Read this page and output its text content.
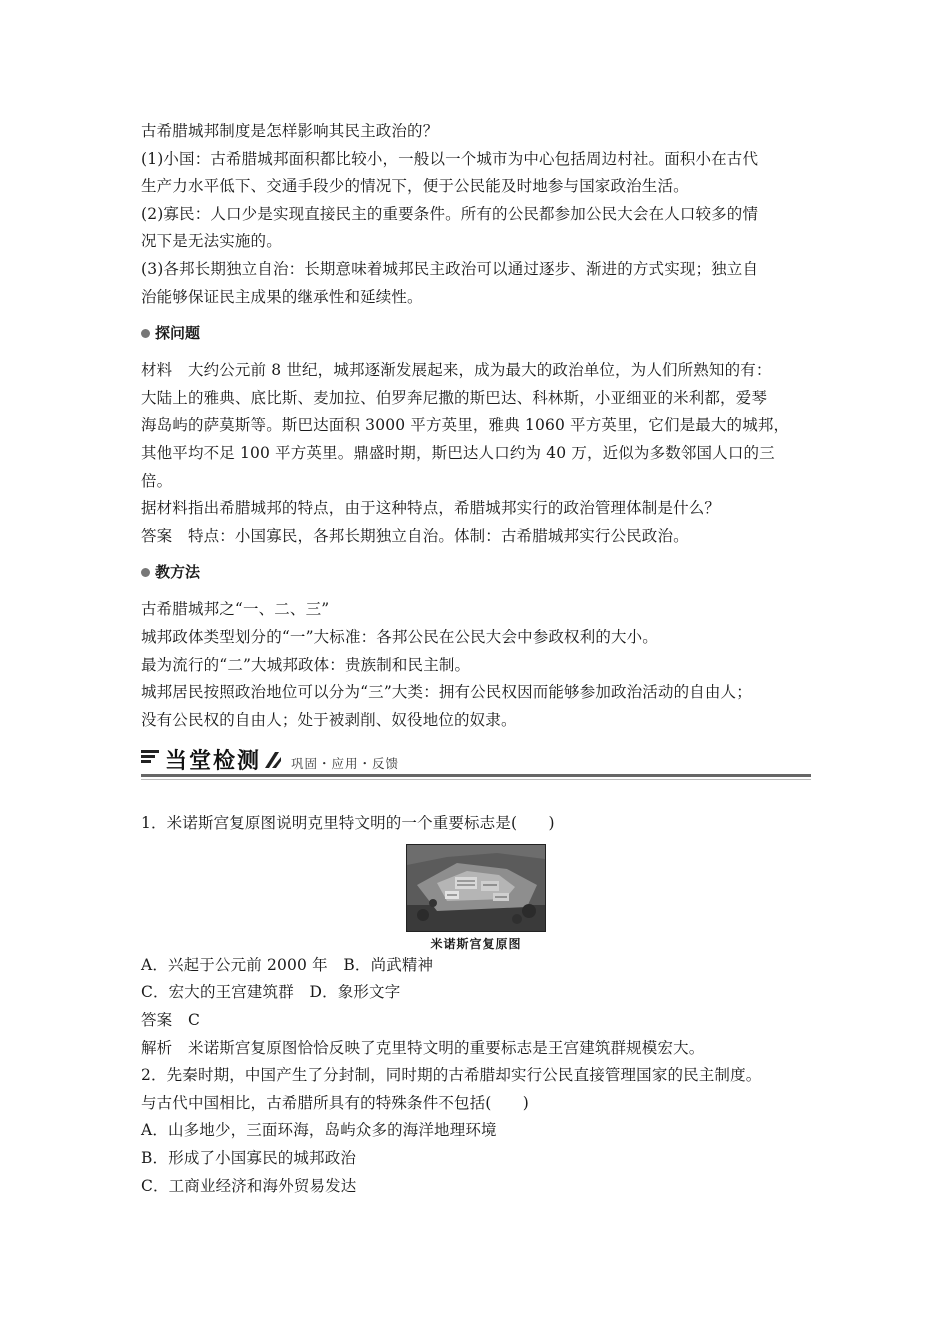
古希腊城邦制度是怎样影响其民主政治的？
(1)小国：古希腊城邦面积都比较小，一般以一个城市为中心包括周边村社。面积小在古代
生产力水平低下、交通手段少的情况下，便于公民能及时地参与国家政治生活。
(2)寡民：人口少是实现直接民主的重要条件。所有的公民都参加公民大会在人口较多的情
况下是无法实施的。
(3)各邦长期独立自治：长期意味着城邦民主政治可以通过逐步、渐进的方式实现；独立自
治能够保证民主成果的继承性和延续性。
探问题
材料　大约公元前 8 世纪，城邦逐渐发展起来，成为最大的政治单位，为人们所熟知的有：
大陆上的雅典、底比斯、麦加拉、伯罗奔尼撒的斯巴达、科林斯，小亚细亚的米利都，爱琴
海岛屿的萨莫斯等。斯巴达面积 3000 平方英里，雅典 1060 平方英里，它们是最大的城邦，
其他平均不足 100 平方英里。鼎盛时期，斯巴达人口约为 40 万，近似为多数邻国人口的三
倍。
据材料指出希腊城邦的特点，由于这种特点，希腊城邦实行的政治管理体制是什么？
答案　特点：小国寡民，各邦长期独立自治。体制：古希腊城邦实行公民政治。
教方法
古希腊城邦之“一、二、三”
城邦政体类型划分的“一”大标准：各邦公民在公民大会中参政权利的大小。
最为流行的“二”大城邦政体：贵族制和民主制。
城邦居民按照政治地位可以分为“三”大类：拥有公民权因而能够参加政治活动的自由人；
没有公民权的自由人；处于被剥削、奴役地位的奴隶。
当堂检测 巩固・应用・反馈
1．米诺斯宫复原图说明克里特文明的一个重要标志是(　　)
米诺斯宫复原图
A．兴起于公元前 2000 年　B．尚武精神
C．宏大的王宫建筑群　D．象形文字
答案　C
解析　米诺斯宫复原图恰恰反映了克里特文明的重要标志是王宫建筑群规模宏大。
2．先秦时期，中国产生了分封制，同时期的古希腊却实行公民直接管理国家的民主制度。
与古代中国相比，古希腊所具有的特殊条件不包括(　　)
A．山多地少，三面环海，岛屿众多的海洋地理环境
B．形成了小国寡民的城邦政治
C．工商业经济和海外贸易发达
